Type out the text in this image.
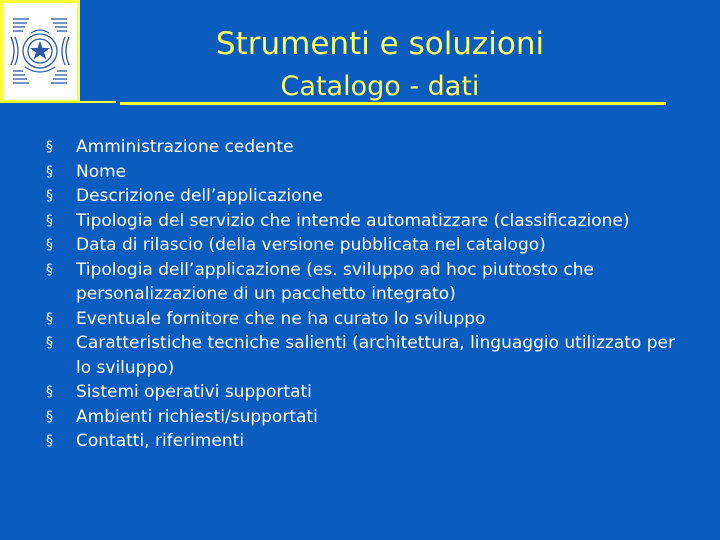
Strumenti e soluzioni
Catalogo - dati
§	Amministrazione cedente
§	Nome
§	Descrizione dell’applicazione
§	Tipologia del servizio che intende automatizzare (classificazione)
§	Data di rilascio (della versione pubblicata nel catalogo)
§	Tipologia dell’applicazione (es. sviluppo ad hoc piuttosto che personalizzazione di un pacchetto integrato)
§	Eventuale fornitore che ne ha curato lo sviluppo
§	Caratteristiche tecniche salienti (architettura, linguaggio utilizzato per lo sviluppo)
§	Sistemi operativi supportati
§	Ambienti richiesti/supportati
§	Contatti, riferimenti
